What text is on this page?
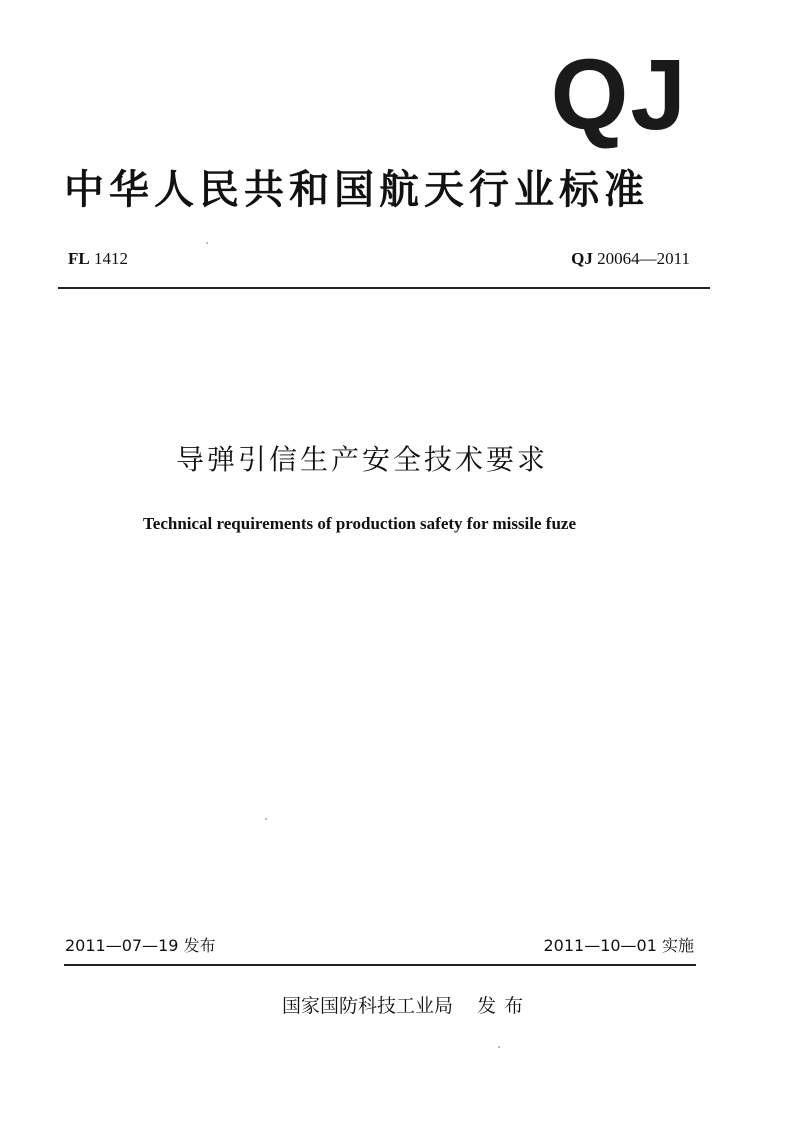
QJ
中华人民共和国航天行业标准
FL 1412	QJ 20064—2011
导弹引信生产安全技术要求
Technical requirements of production safety for missile fuze
2011—07—19 发布	2011—10—01 实施
国家国防科技工业局 发布
